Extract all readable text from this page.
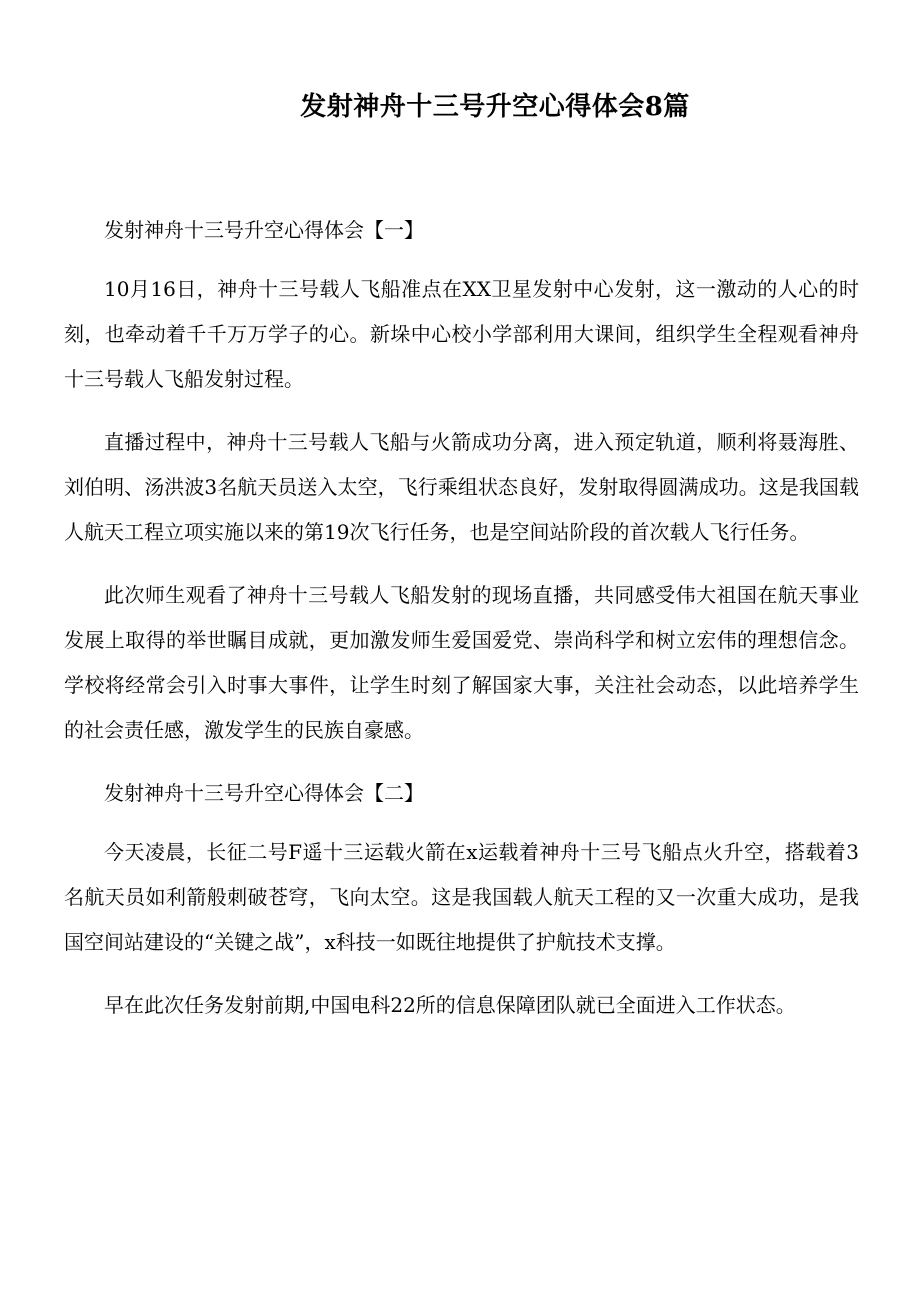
发射神舟十三号升空心得体会8篇

发射神舟十三号升空心得体会【一】

10月16日，神舟十三号载人飞船准点在XX卫星发射中心发射，这一激动的人心的时刻，也牵动着千千万万学子的心。新垛中心校小学部利用大课间，组织学生全程观看神舟十三号载人飞船发射过程。

直播过程中，神舟十三号载人飞船与火箭成功分离，进入预定轨道，顺利将聂海胜、刘伯明、汤洪波3名航天员送入太空，飞行乘组状态良好，发射取得圆满成功。这是我国载人航天工程立项实施以来的第19次飞行任务，也是空间站阶段的首次载人飞行任务。

此次师生观看了神舟十三号载人飞船发射的现场直播，共同感受伟大祖国在航天事业发展上取得的举世瞩目成就，更加激发师生爱国爱党、崇尚科学和树立宏伟的理想信念。学校将经常会引入时事大事件，让学生时刻了解国家大事，关注社会动态，以此培养学生的社会责任感，激发学生的民族自豪感。

发射神舟十三号升空心得体会【二】

今天凌晨，长征二号F遥十三运载火箭在x运载着神舟十三号飞船点火升空，搭载着3名航天员如利箭般刺破苍穹，飞向太空。这是我国载人航天工程的又一次重大成功，是我国空间站建设的“关键之战”，x科技一如既往地提供了护航技术支撑。

早在此次任务发射前期,中国电科22所的信息保障团队就已全面进入工作状态。
